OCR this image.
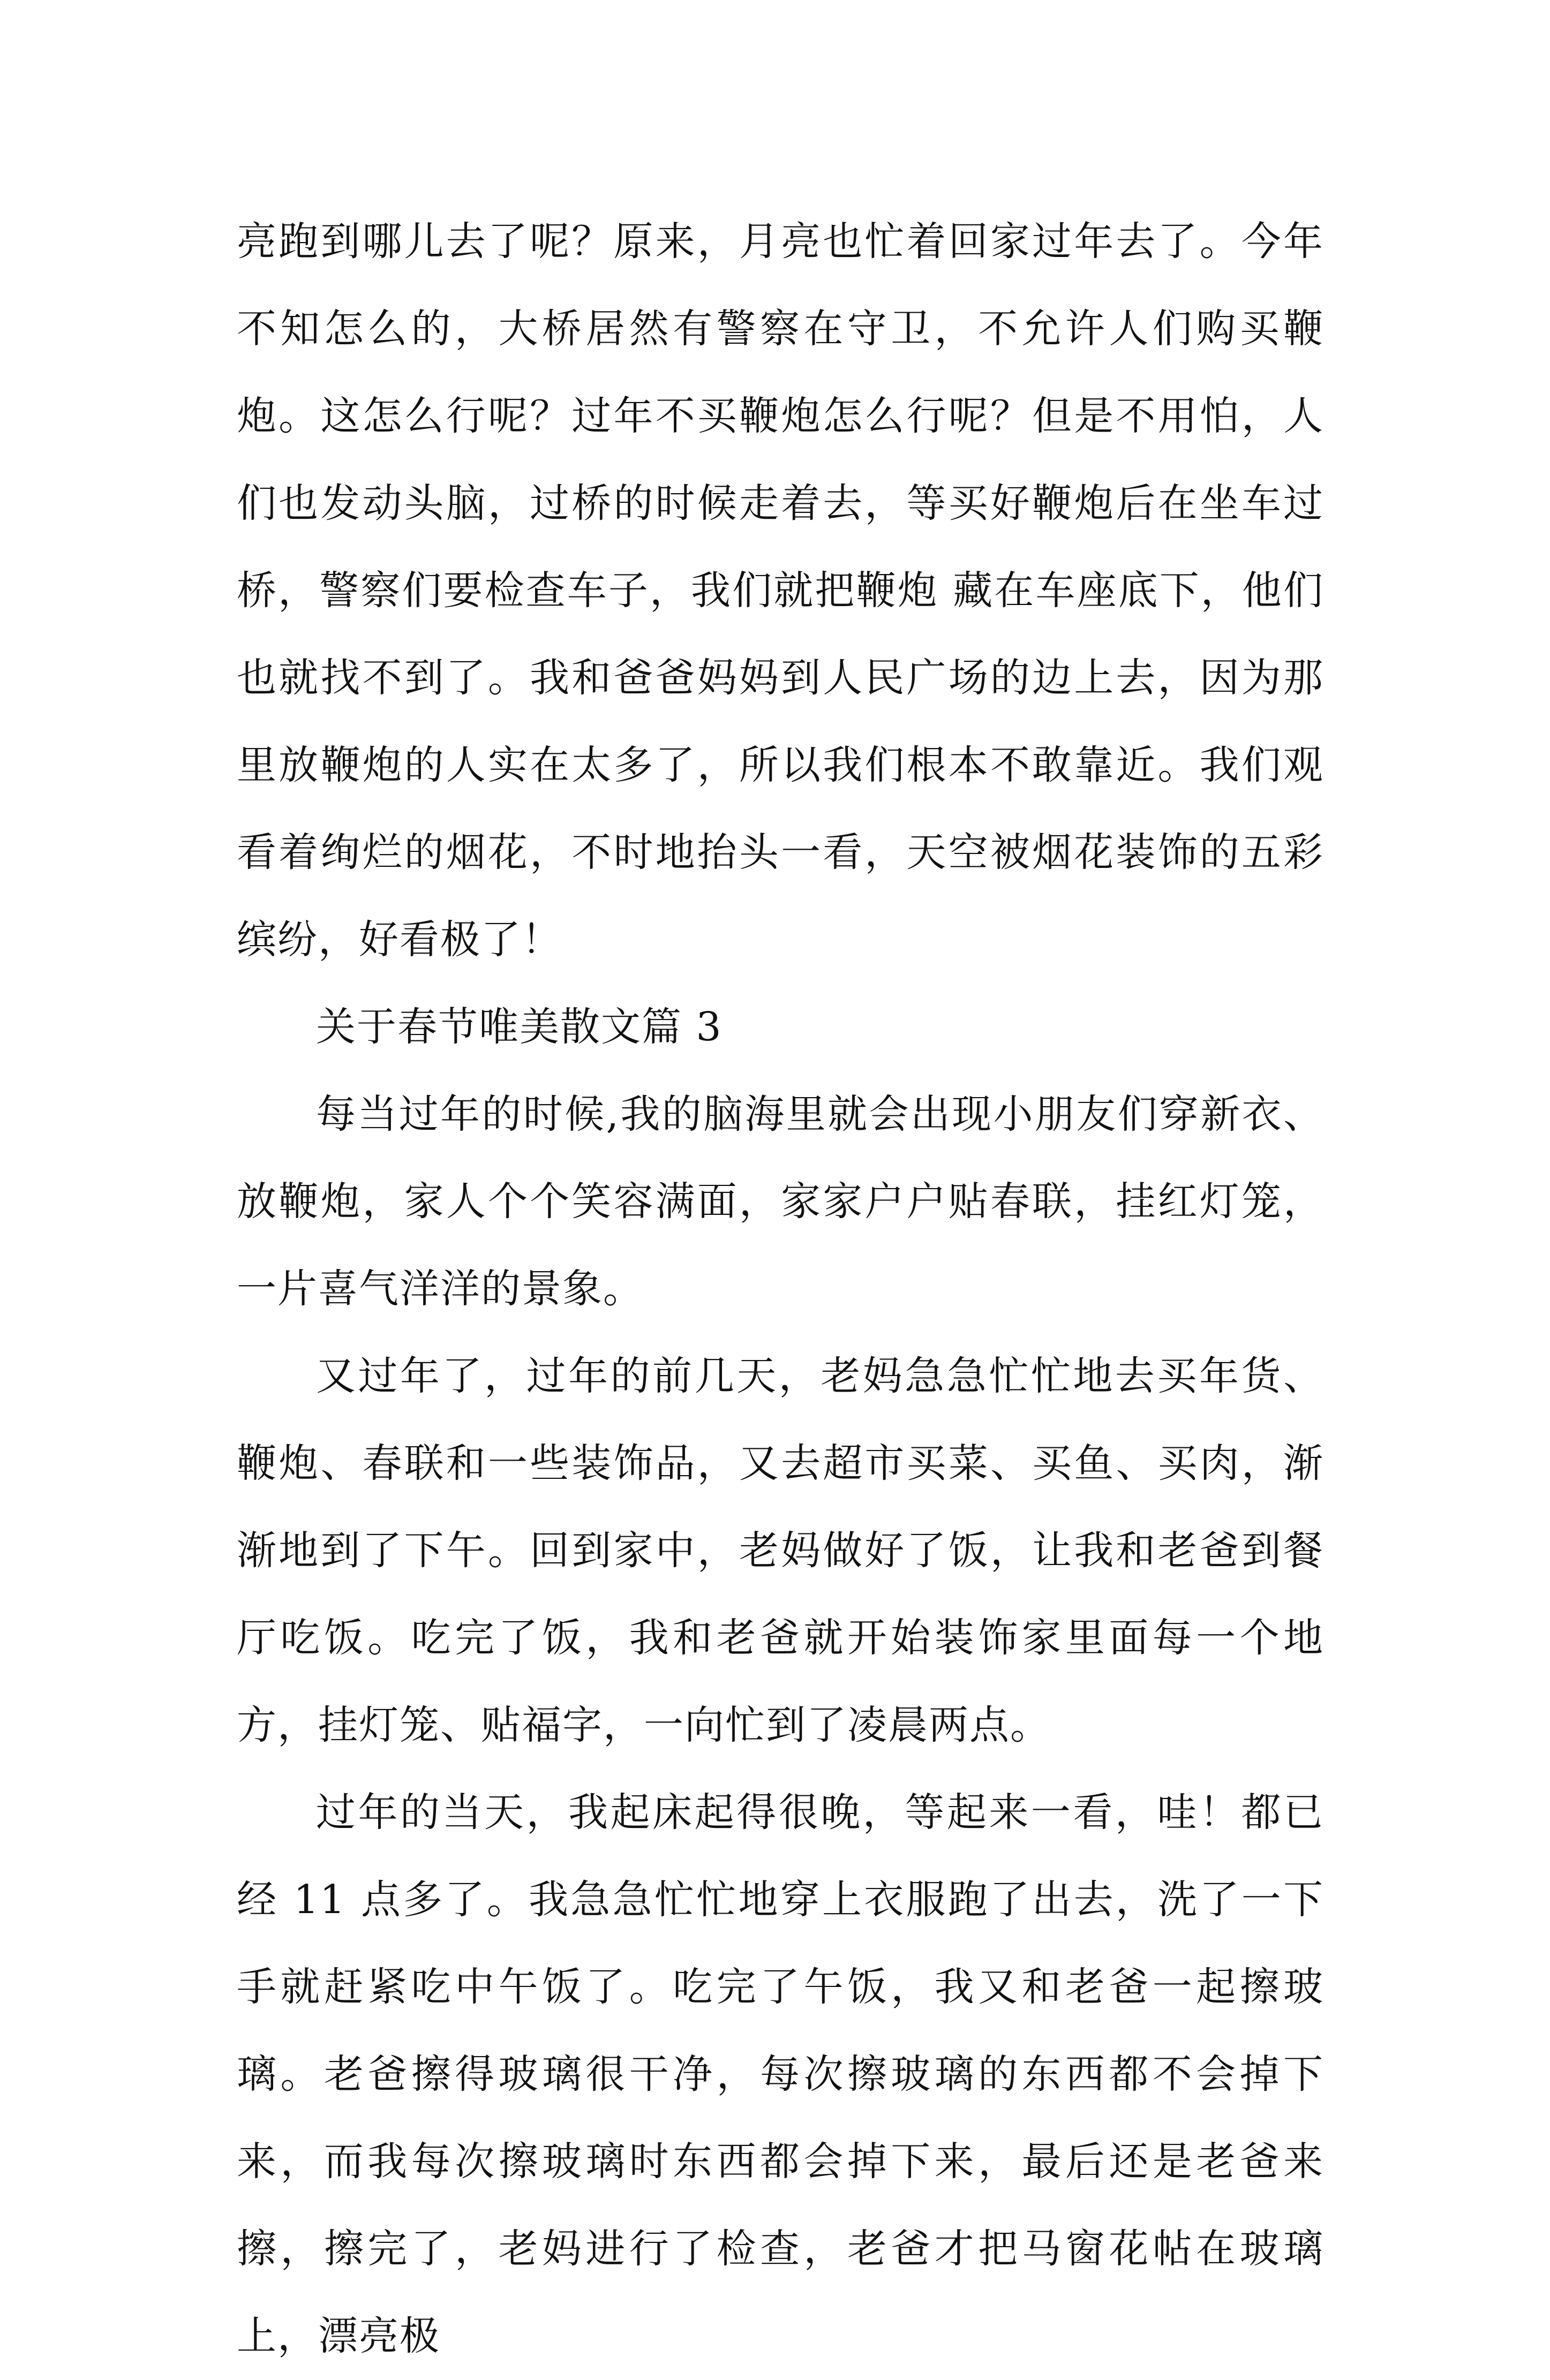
亮跑到哪儿去了呢？原来，月亮也忙着回家过年去了。今年不知怎么的，大桥居然有警察在守卫，不允许人们购买鞭炮。这怎么行呢？过年不买鞭炮怎么行呢？但是不用怕，人们也发动头脑，过桥的时候走着去，等买好鞭炮后在坐车过桥，警察们要检查车子，我们就把鞭炮 藏在车座底下，他们也就找不到了。我和爸爸妈妈到人民广场的边上去，因为那里放鞭炮的人实在太多了，所以我们根本不敢靠近。我们观看着绚烂的烟花，不时地抬头一看，天空被烟花装饰的五彩缤纷，好看极了！

关于春节唯美散文篇 3

每当过年的时候,我的脑海里就会出现小朋友们穿新衣、放鞭炮，家人个个笑容满面，家家户户贴春联，挂红灯笼，一片喜气洋洋的景象。

又过年了，过年的前几天，老妈急急忙忙地去买年货、鞭炮、春联和一些装饰品，又去超市买菜、买鱼、买肉，渐渐地到了下午。回到家中，老妈做好了饭，让我和老爸到餐厅吃饭。吃完了饭，我和老爸就开始装饰家里面每一个地方，挂灯笼、贴福字，一向忙到了凌晨两点。

过年的当天，我起床起得很晚，等起来一看，哇！都已经 11 点多了。我急急忙忙地穿上衣服跑了出去，洗了一下手就赶紧吃中午饭了。吃完了午饭，我又和老爸一起擦玻璃。老爸擦得玻璃很干净，每次擦玻璃的东西都不会掉下来，而我每次擦玻璃时东西都会掉下来，最后还是老爸来擦，擦完了，老妈进行了检查，老爸才把马窗花帖在玻璃上，漂亮极
